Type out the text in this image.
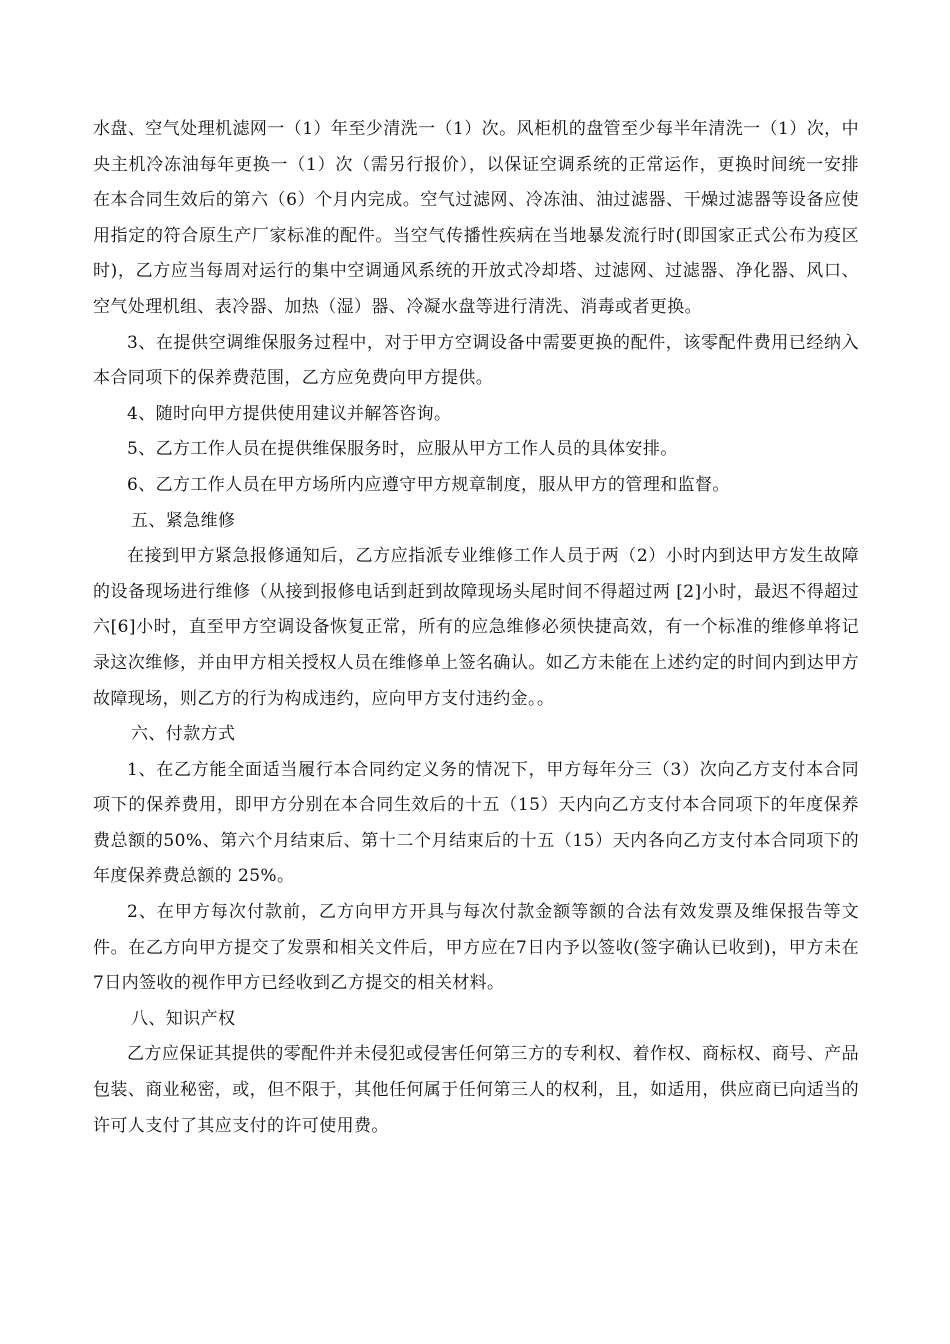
水盘、空气处理机滤网一（1）年至少清洗一（1）次。风柜机的盘管至少每半年清洗一（1）次，中央主机冷冻油每年更换一（1）次（需另行报价），以保证空调系统的正常运作，更换时间统一安排在本合同生效后的第六（6）个月内完成。空气过滤网、冷冻油、油过滤器、干燥过滤器等设备应使用指定的符合原生产厂家标准的配件。当空气传播性疾病在当地暴发流行时(即国家正式公布为疫区时)，乙方应当每周对运行的集中空调通风系统的开放式冷却塔、过滤网、过滤器、净化器、风口、空气处理机组、表冷器、加热（湿）器、冷凝水盘等进行清洗、消毒或者更换。

3、在提供空调维保服务过程中，对于甲方空调设备中需要更换的配件，该零配件费用已经纳入本合同项下的保养费范围，乙方应免费向甲方提供。

4、随时向甲方提供使用建议并解答咨询。

5、乙方工作人员在提供维保服务时，应服从甲方工作人员的具体安排。

6、乙方工作人员在甲方场所内应遵守甲方规章制度，服从甲方的管理和监督。

五、紧急维修

在接到甲方紧急报修通知后，乙方应指派专业维修工作人员于两（2）小时内到达甲方发生故障的设备现场进行维修（从接到报修电话到赶到故障现场头尾时间不得超过两 [2]小时，最迟不得超过六[6]小时，直至甲方空调设备恢复正常，所有的应急维修必须快捷高效，有一个标准的维修单将记录这次维修，并由甲方相关授权人员在维修单上签名确认。如乙方未能在上述约定的时间内到达甲方故障现场，则乙方的行为构成违约，应向甲方支付违约金。。

六、付款方式

1、在乙方能全面适当履行本合同约定义务的情况下，甲方每年分三（3）次向乙方支付本合同项下的保养费用，即甲方分别在本合同生效后的十五（15）天内向乙方支付本合同项下的年度保养费总额的50%、第六个月结束后、第十二个月结束后的十五（15）天内各向乙方支付本合同项下的年度保养费总额的 25%。

2、在甲方每次付款前，乙方向甲方开具与每次付款金额等额的合法有效发票及维保报告等文件。在乙方向甲方提交了发票和相关文件后，甲方应在7日内予以签收(签字确认已收到)，甲方未在7日内签收的视作甲方已经收到乙方提交的相关材料。

八、知识产权

乙方应保证其提供的零配件并未侵犯或侵害任何第三方的专利权、着作权、商标权、商号、产品包装、商业秘密，或，但不限于，其他任何属于任何第三人的权利，且，如适用，供应商已向适当的许可人支付了其应支付的许可使用费。
